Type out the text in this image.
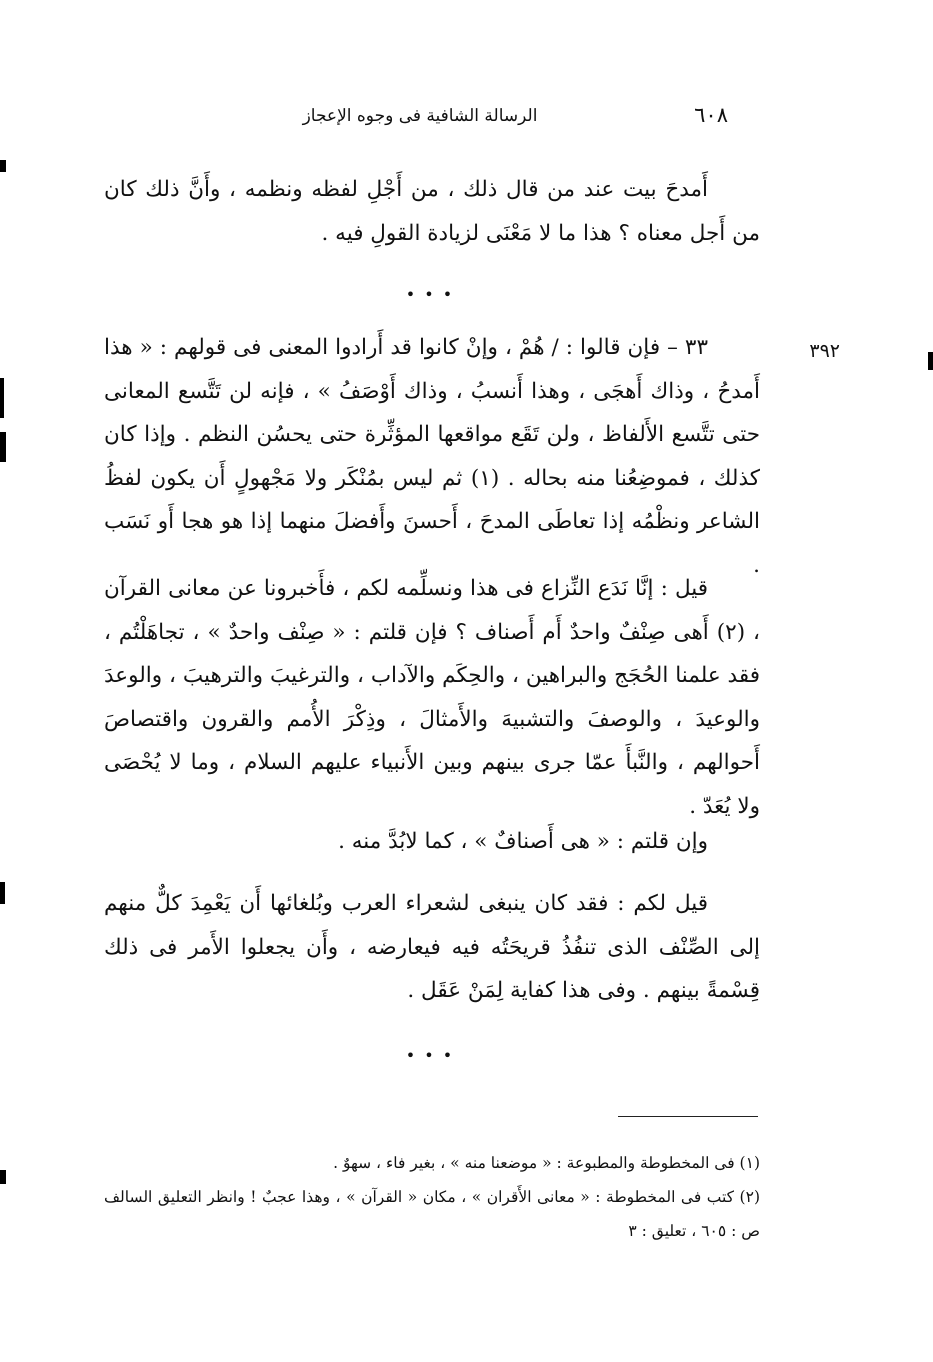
٦٠٨
الرسالة الشافية فى وجوه الإعجاز

أَمدحَ بيت عند من قال ذلك ، من أَجْلِ لفظه ونظمه ، وأَنَّ ذلك كان من أَجل معناه ؟ هذا ما لا مَعْنَى لزيادة القولِ فيه .

• • •
٣٩٢

٣٣ – فإن قالوا : / هُمْ ، وإنْ كانوا قد أَرادوا المعنى فى قولهم : « هذا أَمدحُ ، وذاك أَهجَى ، وهذا أَنسبُ ، وذاك أَوْصَفُ » ، فإنه لن تَتَّسع المعانى حتى تتَّسع الأَلفاظ ، ولن تَقَع مواقعها المؤثِّرة حتى يحسُن النظم . وإذا كان كذلك ، فموضِعُنا منه بحاله . (١) ثم ليس بمُنْكَر ولا مَجْهولٍ أَن يكون لفظُ الشاعر ونظْمُه إذا تعاطَى المدحَ ، أَحسنَ وأَفضلَ منهما إذا هو هجا أَو نَسَب .

قيل : إنَّا نَدَع النِّزاع فى هذا ونسلِّمه لكم ، فأَخبرونا عن معانى القرآن ، (٢) أَهى صِنْفٌ واحدٌ أَم أَصناف ؟ فإن قلتم : « صِنْف واحدٌ » ، تجاهَلْتُم ، فقد علمنا الحُجَج والبراهين ، والحِكَم والآداب ، والترغيبَ والترهيبَ ، والوعدَ والوعيدَ ، والوصفَ والتشبيهَ والأَمثالَ ، وذِكْرَ الأُمم والقرون واقتصاصَ أَحوالهم ، والنَّبأَ عمّا جرى بينهم وبين الأَنبياء عليهم السلام ، وما لا يُحْصَى ولا يُعَدّ .

وإن قلتم : « هى أَصنافٌ » ، كما لابُدَّ منه .

قيل لكم : فقد كان ينبغى لشعراء العرب وبُلغائها أَن يَعْمِدَ كلٌّ منهم إلى الصِّنْف الذى تنفُذُ قريحَتُه فيه فيعارضه ، وأَن يجعلوا الأَمر فى ذلك قِسْمةً بينهم . وفى هذا كفاية لِمَنْ عَقَل .

• • •

(١) فى المخطوطة والمطبوعة : « موضعنا منه » ، بغير فاء ، سهوٌ .

(٢) كتب فى المخطوطة : « معانى الأَقران » ، مكان « القرآن » ، وهذا عجبٌ ! وانظر التعليق السالف ص : ٦٠٥ ، تعليق : ٣
